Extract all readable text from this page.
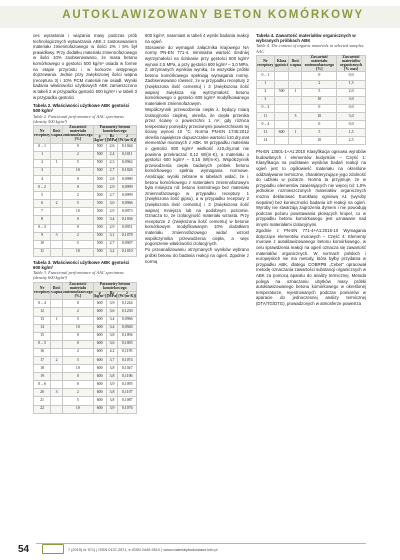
AUTOKLAWIZOWANY BETON KOMÓRKOWY

ces wyrastania i wiązania masy podczas prób technologicznych wytwarzania ABK z zastosowaniem materiału zmiennofazowego w ilości 2% i 5% był prawidłowy. Przy dodatku materiału zmiennofazowego w ilości 10% zaobserwowano, że masa betonu komórkowego o gęstości 500 kg/m³ osiada w formie na etapie przyrostu i w komorze wstępnego dojrzewania. Jednie przy zwiększonej ilości wapna (receptura 3) i 10% PCM materiał nie osiadł. Wyniki badania właściwości użytkowych ABK zamieszczono w tabeli 2 w przypadku gęstości 500 kg/m³ i w tabeli 3 w przypadku gęstości

Tabela 2. Właściwości użytkowe ABK gęstości 500 kg/m³
Table 2. Functional performance of AAC specimens (density 500 kg/m³)
Nr receptury	Ilość wapna	Zawartość materiału zmiennofazowego [%]	Parametry betonu komórkowego		
			ρ [kg/m³]	Rc [MPa]	λ [W/(m·K)]
0 – 1		0	500	2,6	0,1044
1		2	500	2,4	0,1011
2	1	5	500	2,3	0,0962
3		10	500	2,7	0,1026
4		0	500	2,8	0,0980
0 – 2		0	500	2,9	0,0999
5		2	500	2,7	0,0999
6	2	5	500	3,0	0,0966
7		10	500	2,9	0,0973
8		0	500	3,4	0,1036
0 – 3		0	500	2,9	0,0951
9	3	2	500	3,1	0,1078
10		5	500	2,7	0,0907
11		10	500	3,2	0,1010
Tabela 3. Właściwości użytkowe ABK gęstości 600 kg/m³
Table 3. Functional performance of AAC specimens (density 600 kg/m³)
Nr receptury	Ilość wapna	Zawartość materiału zmiennofazowego [%]	Parametry betonu komórkowego		
			ρ [kg/m³]	Rc [MPa]	λ [W/(m·K)]
0 – 4		0	600	3,9	0,1244
12		2	600	3,6	0,1230
13	1	5	600	3,4	0,0966
14		10	600	3,4	0,0940
15		0	600	3,8	0,1094
0 – 5		0	600	3,6	0,1005
16		2	600	4,2	0,1195
17	2	5	600	3,7	0,1074
18		10	600	3,8	0,1047
19		0	600	3,8	0,1106
0 – 6		0	600	3,9	0,1095
20	3	2	600	3,8	0,1107
21		5	600	3,8	0,1087
22		10	600	3,9	0,1076

600 kg/m³, natomiast w tabeli 4 wyniki badania reakcji na ogień.

Stosownie do wymagań załącznika krajowego NA normy PN-EN 771-4, minimalna wartość średniej wytrzymałości na ściskanie przy gęstości 500 kg/m³ wynosi 2,5 MPa, a przy gęstości 600 kg/m³ – 3,0 MPa. Z otrzymanych wyników wynika, że wszystkie próbki betonu komórkowego spełniają wymagania normy. Zaobserwowano również, że w przypadku receptury 2 (zwiększona ilość cementu) i 3 (zwiększona ilość wapna) zwiększa się wytrzymałość betonu komórkowego o gęstości 600 kg/m³ modyfikowanego materiałem zmiennofazowym.

Współczynnik przewodzenia ciepła λ, będący miarą izolacyjności cieplnej, określa, ile ciepła przenika przez ścianę o powierzchni 1 m², gdy różnica temperatury pomiędzy przeciwnymi powierzchniami tej ściany wynosi 10 °C. Norma PN-EN 1745:2012 określa największe dopuszczalne wartości λ10,dry,mat elementów murowych z ABK. W przypadku materiału o gęstości 500 kg/m³ wielkość λ10,dry,mat nie powinna przekraczać 0,12 W/(m·K), a materiału o gęstości 600 kg/m³ – 0,15 W/(m·K). Współczynnik przewodzenia ciepła badanych próbek betonu komórkowego spełnia wymagania normowe. Analizując wyniki zebrane w tabelach widać, że i. betonu komórkowego z materiałem zmiennofazowym była mniejsza niż betonu kontrolnego bez materiału zmiennofazowego w przypadku receptury 1 (zwiększona ilość gipsu), a w przypadku receptury 2 (zwiększona ilość cementu) i 3 (zwiększona ilość wapna) mniejsza lub na podobnym poziomie. Oznacza to, że izolacyjność materiału wzrasta. Przy recepturze 2 (zwiększona ilość cementu) w betonie komórkowym modyfikowanym 10% dodatkiem materiału zmiennofazowego widać wzrost współczynnika przewodzenia ciepła, a więc pogorszenie właściwości izolacyjnych.

Po przeanalizowaniu otrzymanych wyników wybrano próbki betonu do badania reakcji na ogień. Zgodnie z normą

Tabela 4. Zawartość materiałów organicznych w wybranych próbkach ABK
Table 4. The content of organic materials in selected samples AAC
Nr receptury	Klasa gęstości	Ilość wapna	Zawartość materiału zmiennofazowego [%]	Zawartość materiałów organicznych [% mas]
0 – 1			0	0,0
1			2	1,5
2	500	1	5	2,0
3			10	3,0
0 – 3			0	0,0
11		3	10	3,0
0 – 4			0	0,0
13	600	1	5	1,5
14			10	2,5

PN-EN 13501-1+A1:2010 Klasyfikacja ogniowa wyrobów budowlanych i elementów budynków – Część 1: Klasyfikacja na podstawie wyników badań reakcji na ogień jest to ogółowieść materiału na określone oddziaływanie termiczne, charakteryzujące jego zdolność do udziału w pożarze. Norma ta przyjmuje, że w przypadku elementów zawierających nie więcej niż 1,0% jednolicie rozmieszczonych materiałów organicznych można deklarować Euroklasę ogniową A1 (wyroby niepalne) bez konieczności badania ich reakcji na ogień. Wyroby nie stwarzają zagrożenia dymem i nie powodują podczas pożaru powstawania płonących kropel, co w przypadku betonu komórkowego jest uznawane nad innymi materiałami izolacyjnymi.

Zgodnie z PN-EN 771-4+A1:2015-10 Wymagania dotyczące elementów murowych – Część 4: Elementy murowe z autoklawizowanego betonu komórkowego, w celu sprawdzenia reakcji na ogień oznacza się zawartość materiałów organicznych. W normach polskich i europejskich nie ma metody, która byłby przydatna w przypadku ABK, dlatego COBRPB „Cebet” opracował metodę oznaczania zawartości substancji organicznych w ABK za pomocą aparatu do analizy termicznej. Metoda polega na oznaczaniu ubytków masy próbki autoklawizowanego betonu komórkowego w określonej temperaturze, rejestrowanych podczas pomiarów w aparacie do jednoczesnej analizy termicznej (DTA/TG/DTG), prowadzonych w atmosferze powietrza

54	7 (2019) nr 571) | ISSN 0137-2971, e-ISSN 2449-951X | www.materialybudowlane.info.pl
